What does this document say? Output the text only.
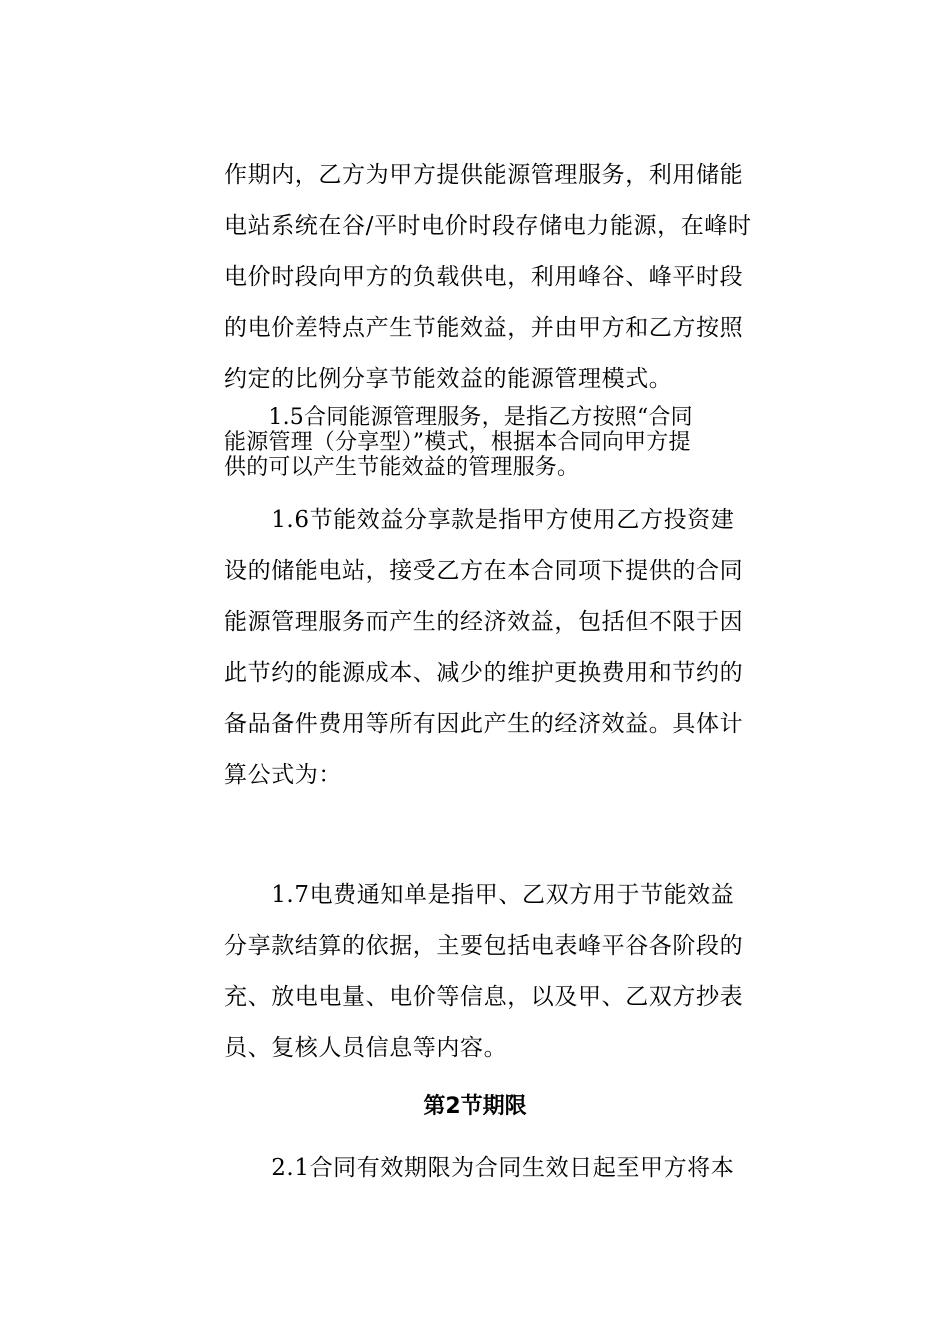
作期内，乙方为甲方提供能源管理服务，利用储能
电站系统在谷/平时电价时段存储电力能源，在峰时
电价时段向甲方的负载供电，利用峰谷、峰平时段
的电价差特点产生节能效益，并由甲方和乙方按照
约定的比例分享节能效益的能源管理模式。
　　1.5合同能源管理服务，是指乙方按照“合同
能源管理（分享型）”模式，根据本合同向甲方提
供的可以产生节能效益的管理服务。
　　1.6节能效益分享款是指甲方使用乙方投资建
设的储能电站，接受乙方在本合同项下提供的合同
能源管理服务而产生的经济效益，包括但不限于因
此节约的能源成本、减少的维护更换费用和节约的
备品备件费用等所有因此产生的经济效益。具体计
算公式为：
　　1.7电费通知单是指甲、乙双方用于节能效益
分享款结算的依据，主要包括电表峰平谷各阶段的
充、放电电量、电价等信息，以及甲、乙双方抄表
员、复核人员信息等内容。
第2节期限
　　2.1合同有效期限为合同生效日起至甲方将本
